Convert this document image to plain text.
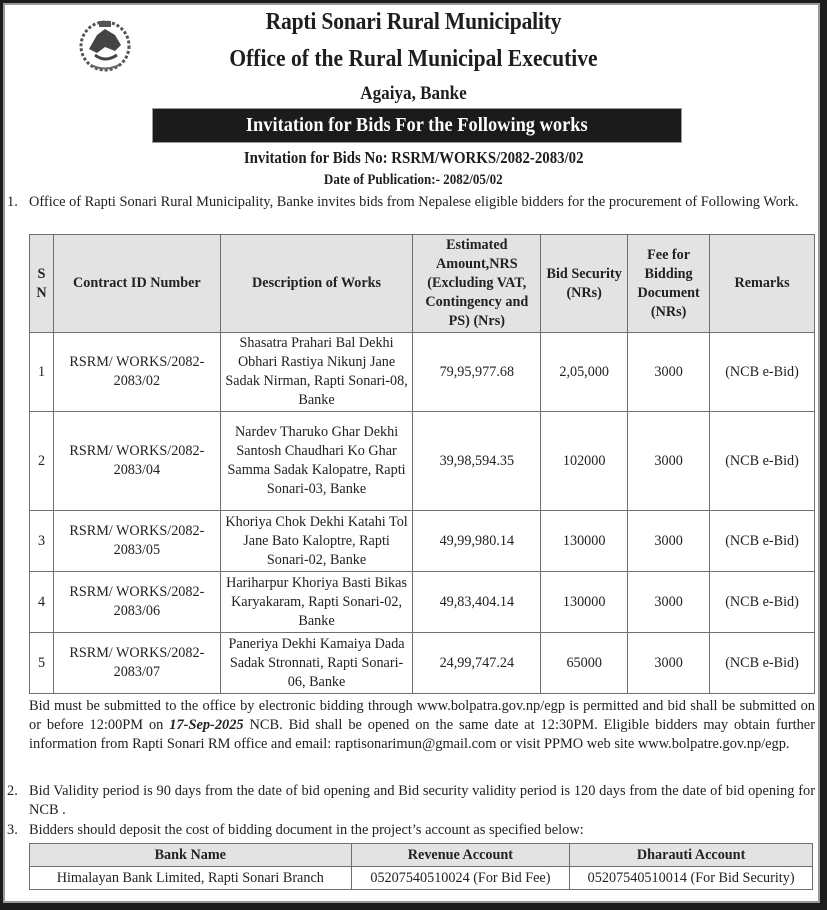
Rapti Sonari Rural Municipality
Office of the Rural Municipal Executive
Agaiya, Banke
Invitation for Bids For the Following works
Invitation for Bids No: RSRM/WORKS/2082-2083/02
Date of Publication:- 2082/05/02
1. Office of Rapti Sonari Rural Municipality, Banke invites bids from Nepalese eligible bidders for the procurement of Following Work.
S N	Contract ID Number	Description of Works	Estimated Amount,NRS (Excluding VAT, Contingency and PS) (Nrs)	Bid Security (NRs)	Fee for Bidding Document (NRs)	Remarks
1	RSRM/ WORKS/2082-2083/02	Shasatra Prahari Bal Dekhi Obhari Rastiya Nikunj Jane Sadak Nirman, Rapti Sonari-08, Banke	79,95,977.68	2,05,000	3000	(NCB e-Bid)
2	RSRM/ WORKS/2082-2083/04	Nardev Tharuko Ghar Dekhi Santosh Chaudhari Ko Ghar Samma Sadak Kalopatre, Rapti Sonari-03, Banke	39,98,594.35	102000	3000	(NCB e-Bid)
3	RSRM/ WORKS/2082-2083/05	Khoriya Chok Dekhi Katahi Tol Jane Bato Kaloptre, Rapti Sonari-02, Banke	49,99,980.14	130000	3000	(NCB e-Bid)
4	RSRM/ WORKS/2082-2083/06	Hariharpur Khoriya Basti Bikas Karyakaram, Rapti Sonari-02, Banke	49,83,404.14	130000	3000	(NCB e-Bid)
5	RSRM/ WORKS/2082-2083/07	Paneriya Dekhi Kamaiya Dada Sadak Stronnati, Rapti Sonari-06, Banke	24,99,747.24	65000	3000	(NCB e-Bid)
Bid must be submitted to the office by electronic bidding through www.bolpatra.gov.np/egp is permitted and bid shall be submitted on or before 12:00PM on 17-Sep-2025 NCB. Bid shall be opened on the same date at 12:30PM. Eligible bidders may obtain further information from Rapti Sonari RM office and email: raptisonarimun@gmail.com or visit PPMO web site www.bolpatre.gov.np/egp.
2. Bid Validity period is 90 days from the date of bid opening and Bid security validity period is 120 days from the date of bid opening for NCB .
3. Bidders should deposit the cost of bidding document in the project’s account as specified below:
Bank Name	Revenue Account	Dharauti Account
Himalayan Bank Limited, Rapti Sonari Branch	05207540510024 (For Bid Fee)	05207540510014 (For Bid Security)
